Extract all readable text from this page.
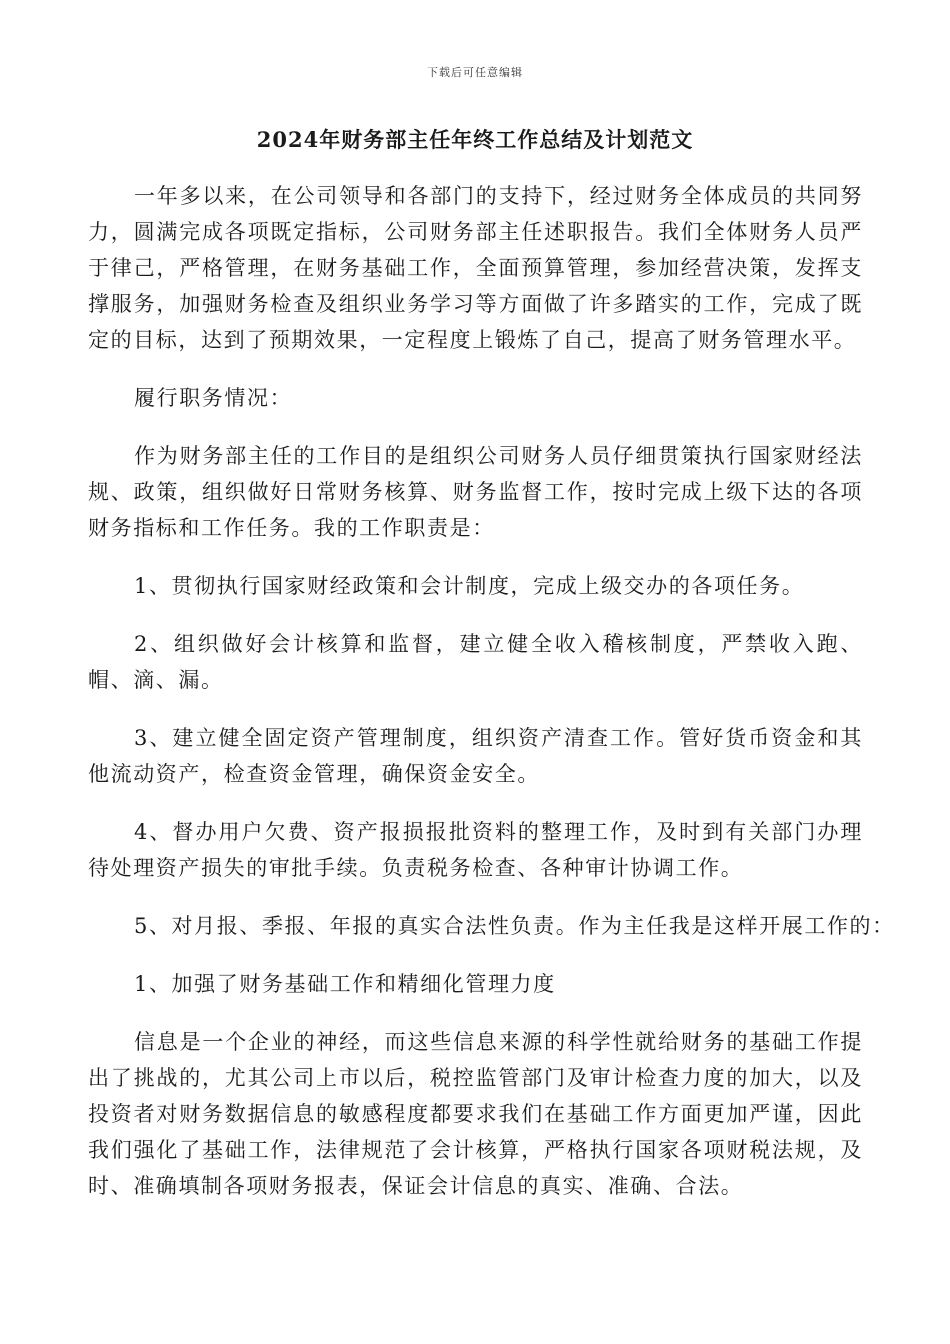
下载后可任意编辑
2024年财务部主任年终工作总结及计划范文

一年多以来，在公司领导和各部门的支持下，经过财务全体成员的共同努力，圆满完成各项既定指标，公司财务部主任述职报告。我们全体财务人员严于律己，严格管理，在财务基础工作，全面预算管理，参加经营决策，发挥支撑服务，加强财务检查及组织业务学习等方面做了许多踏实的工作，完成了既定的目标，达到了预期效果，一定程度上锻炼了自己，提高了财务管理水平。

履行职务情况：

作为财务部主任的工作目的是组织公司财务人员仔细贯策执行国家财经法规、政策，组织做好日常财务核算、财务监督工作，按时完成上级下达的各项财务指标和工作任务。我的工作职责是：

1、贯彻执行国家财经政策和会计制度，完成上级交办的各项任务。

2、组织做好会计核算和监督，建立健全收入稽核制度，严禁收入跑、帽、滴、漏。

3、建立健全固定资产管理制度，组织资产清查工作。管好货币资金和其他流动资产，检查资金管理，确保资金安全。

4、督办用户欠费、资产报损报批资料的整理工作，及时到有关部门办理待处理资产损失的审批手续。负责税务检查、各种审计协调工作。

5、对月报、季报、年报的真实合法性负责。作为主任我是这样开展工作的：

1、加强了财务基础工作和精细化管理力度

信息是一个企业的神经，而这些信息来源的科学性就给财务的基础工作提出了挑战的，尤其公司上市以后，税控监管部门及审计检查力度的加大，以及投资者对财务数据信息的敏感程度都要求我们在基础工作方面更加严谨，因此我们强化了基础工作，法律规范了会计核算，严格执行国家各项财税法规，及时、准确填制各项财务报表，保证会计信息的真实、准确、合法。
